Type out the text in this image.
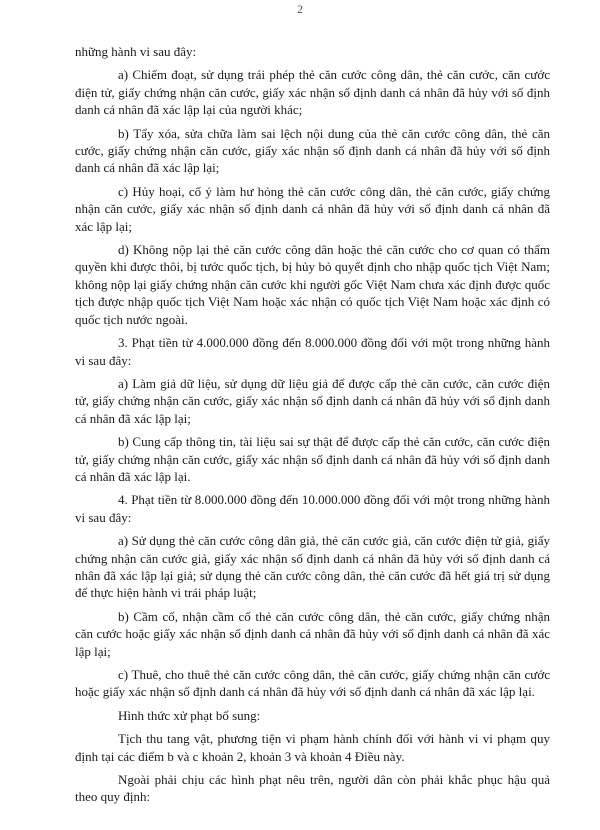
2

những hành vi sau đây:

a) Chiếm đoạt, sử dụng trái phép thẻ căn cước công dân, thẻ căn cước, căn cước điện tử, giấy chứng nhận căn cước, giấy xác nhận số định danh cá nhân đã hủy với số định danh cá nhân đã xác lập lại của người khác;

b) Tẩy xóa, sửa chữa làm sai lệch nội dung của thẻ căn cước công dân, thẻ căn cước, giấy chứng nhận căn cước, giấy xác nhận số định danh cá nhân đã hủy với số định danh cá nhân đã xác lập lại;

c) Hủy hoại, cố ý làm hư hỏng thẻ căn cước công dân, thẻ căn cước, giấy chứng nhận căn cước, giấy xác nhận số định danh cá nhân đã hủy với số định danh cá nhân đã xác lập lại;

d) Không nộp lại thẻ căn cước công dân hoặc thẻ căn cước cho cơ quan có thẩm quyền khi được thôi, bị tước quốc tịch, bị hủy bỏ quyết định cho nhập quốc tịch Việt Nam; không nộp lại giấy chứng nhận căn cước khi người gốc Việt Nam chưa xác định được quốc tịch được nhập quốc tịch Việt Nam hoặc xác nhận có quốc tịch Việt Nam hoặc xác định có quốc tịch nước ngoài.

3. Phạt tiền từ 4.000.000 đồng đến 8.000.000 đồng đối với một trong những hành vi sau đây:

a) Làm giả dữ liệu, sử dụng dữ liệu giả để được cấp thẻ căn cước, căn cước điện tử, giấy chứng nhận căn cước, giấy xác nhận số định danh cá nhân đã hủy với số định danh cá nhân đã xác lập lại;

b) Cung cấp thông tin, tài liệu sai sự thật để được cấp thẻ căn cước, căn cước điện tử, giấy chứng nhận căn cước, giấy xác nhận số định danh cá nhân đã hủy với số định danh cá nhân đã xác lập lại.

4. Phạt tiền từ 8.000.000 đồng đến 10.000.000 đồng đối với một trong những hành vi sau đây:

a) Sử dụng thẻ căn cước công dân giả, thẻ căn cước giả, căn cước điện tử giả, giấy chứng nhận căn cước giả, giấy xác nhận số định danh cá nhân đã hủy với số định danh cá nhân đã xác lập lại giả; sử dụng thẻ căn cước công dân, thẻ căn cước đã hết giá trị sử dụng để thực hiện hành vi trái pháp luật;

b) Cầm cố, nhận cầm cố thẻ căn cước công dân, thẻ căn cước, giấy chứng nhận căn cước hoặc giấy xác nhận số định danh cá nhân đã hủy với số định danh cá nhân đã xác lập lại;

c) Thuê, cho thuê thẻ căn cước công dân, thẻ căn cước, giấy chứng nhận căn cước hoặc giấy xác nhận số định danh cá nhân đã hủy với số định danh cá nhân đã xác lập lại.

Hình thức xử phạt bổ sung:

Tịch thu tang vật, phương tiện vi phạm hành chính đối với hành vi vi phạm quy định tại các điểm b và c khoản 2, khoản 3 và khoản 4 Điều này.

Ngoài phải chịu các hình phạt nêu trên, người dân còn phải khắc phục hậu quả theo quy định:
